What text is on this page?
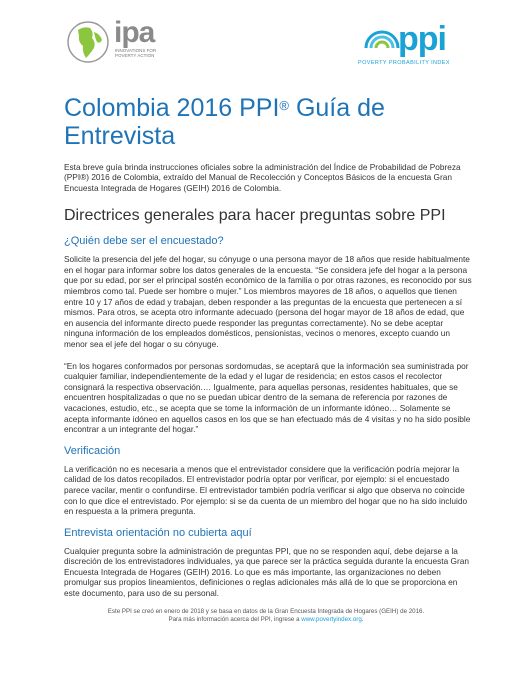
ipa
INNOVATIONS FOR POVERTY ACTION	ppi
POVERTY PROBABILITY INDEX
Colombia 2016 PPI® Guía de Entrevista

Esta breve guía brinda instrucciones oficiales sobre la administración del Índice de Probabilidad de Pobreza (PPI®) 2016 de Colombia, extraído del Manual de Recolección y Conceptos Básicos de la encuesta Gran Encuesta Integrada de Hogares (GEIH) 2016 de Colombia.

Directrices generales para hacer preguntas sobre PPI
¿Quién debe ser el encuestado?

Solicite la presencia del jefe del hogar, su cónyuge o una persona mayor de 18 años que reside habitualmente en el hogar para informar sobre los datos generales de la encuesta. “Se considera jefe del hogar a la persona que por su edad, por ser el principal sostén económico de la familia o por otras razones, es reconocido por sus miembros como tal. Puede ser hombre o mujer.” Los miembros mayores de 18 años, o aquellos que tienen entre 10 y 17 años de edad y trabajan, deben responder a las preguntas de la encuesta que pertenecen a sí mismos. Para otros, se acepta otro informante adecuado (persona del hogar mayor de 18 años de edad, que en ausencia del informante directo puede responder las preguntas correctamente). No se debe aceptar ninguna información de los empleados domésticos, pensionistas, vecinos o menores, excepto cuando un menor sea el jefe del hogar o su cónyuge.

“En los hogares conformados por personas sordomudas, se aceptará que la información sea suministrada por cualquier familiar, independientemente de la edad y el lugar de residencia; en estos casos el recolector consignará la respectiva observación.… Igualmente, para aquellas personas, residentes habituales, que se encuentren hospitalizadas o que no se puedan ubicar dentro de la semana de referencia por razones de vacaciones, estudio, etc., se acepta que se tome la información de un informante idóneo… Solamente se acepta informante idóneo en aquellos casos en los que se han efectuado más de 4 visitas y no ha sido posible encontrar a un integrante del hogar.”

Verificación

La verificación no es necesaria a menos que el entrevistador considere que la verificación podría mejorar la calidad de los datos recopilados. El entrevistador podría optar por verificar, por ejemplo: si el encuestado parece vacilar, mentir o confundirse. El entrevistador también podría verificar si algo que observa no coincide con lo que dice el entrevistado. Por ejemplo: si se da cuenta de un miembro del hogar que no ha sido incluido en respuesta a la primera pregunta.

Entrevista orientación no cubierta aquí

Cualquier pregunta sobre la administración de preguntas PPI, que no se responden aquí, debe dejarse a la discreción de los entrevistadores individuales, ya que parece ser la práctica seguida durante la encuesta Gran Encuesta Integrada de Hogares (GEIH) 2016. Lo que es más importante, las organizaciones no deben promulgar sus propios lineamientos, definiciones o reglas adicionales más allá de lo que se proporciona en este documento, para uso de su personal.

Este PPI se creó en enero de 2018 y se basa en datos de la Gran Encuesta Integrada de Hogares (GEIH) de 2016.
Para más información acerca del PPI, ingrese a www.povertyindex.org.
